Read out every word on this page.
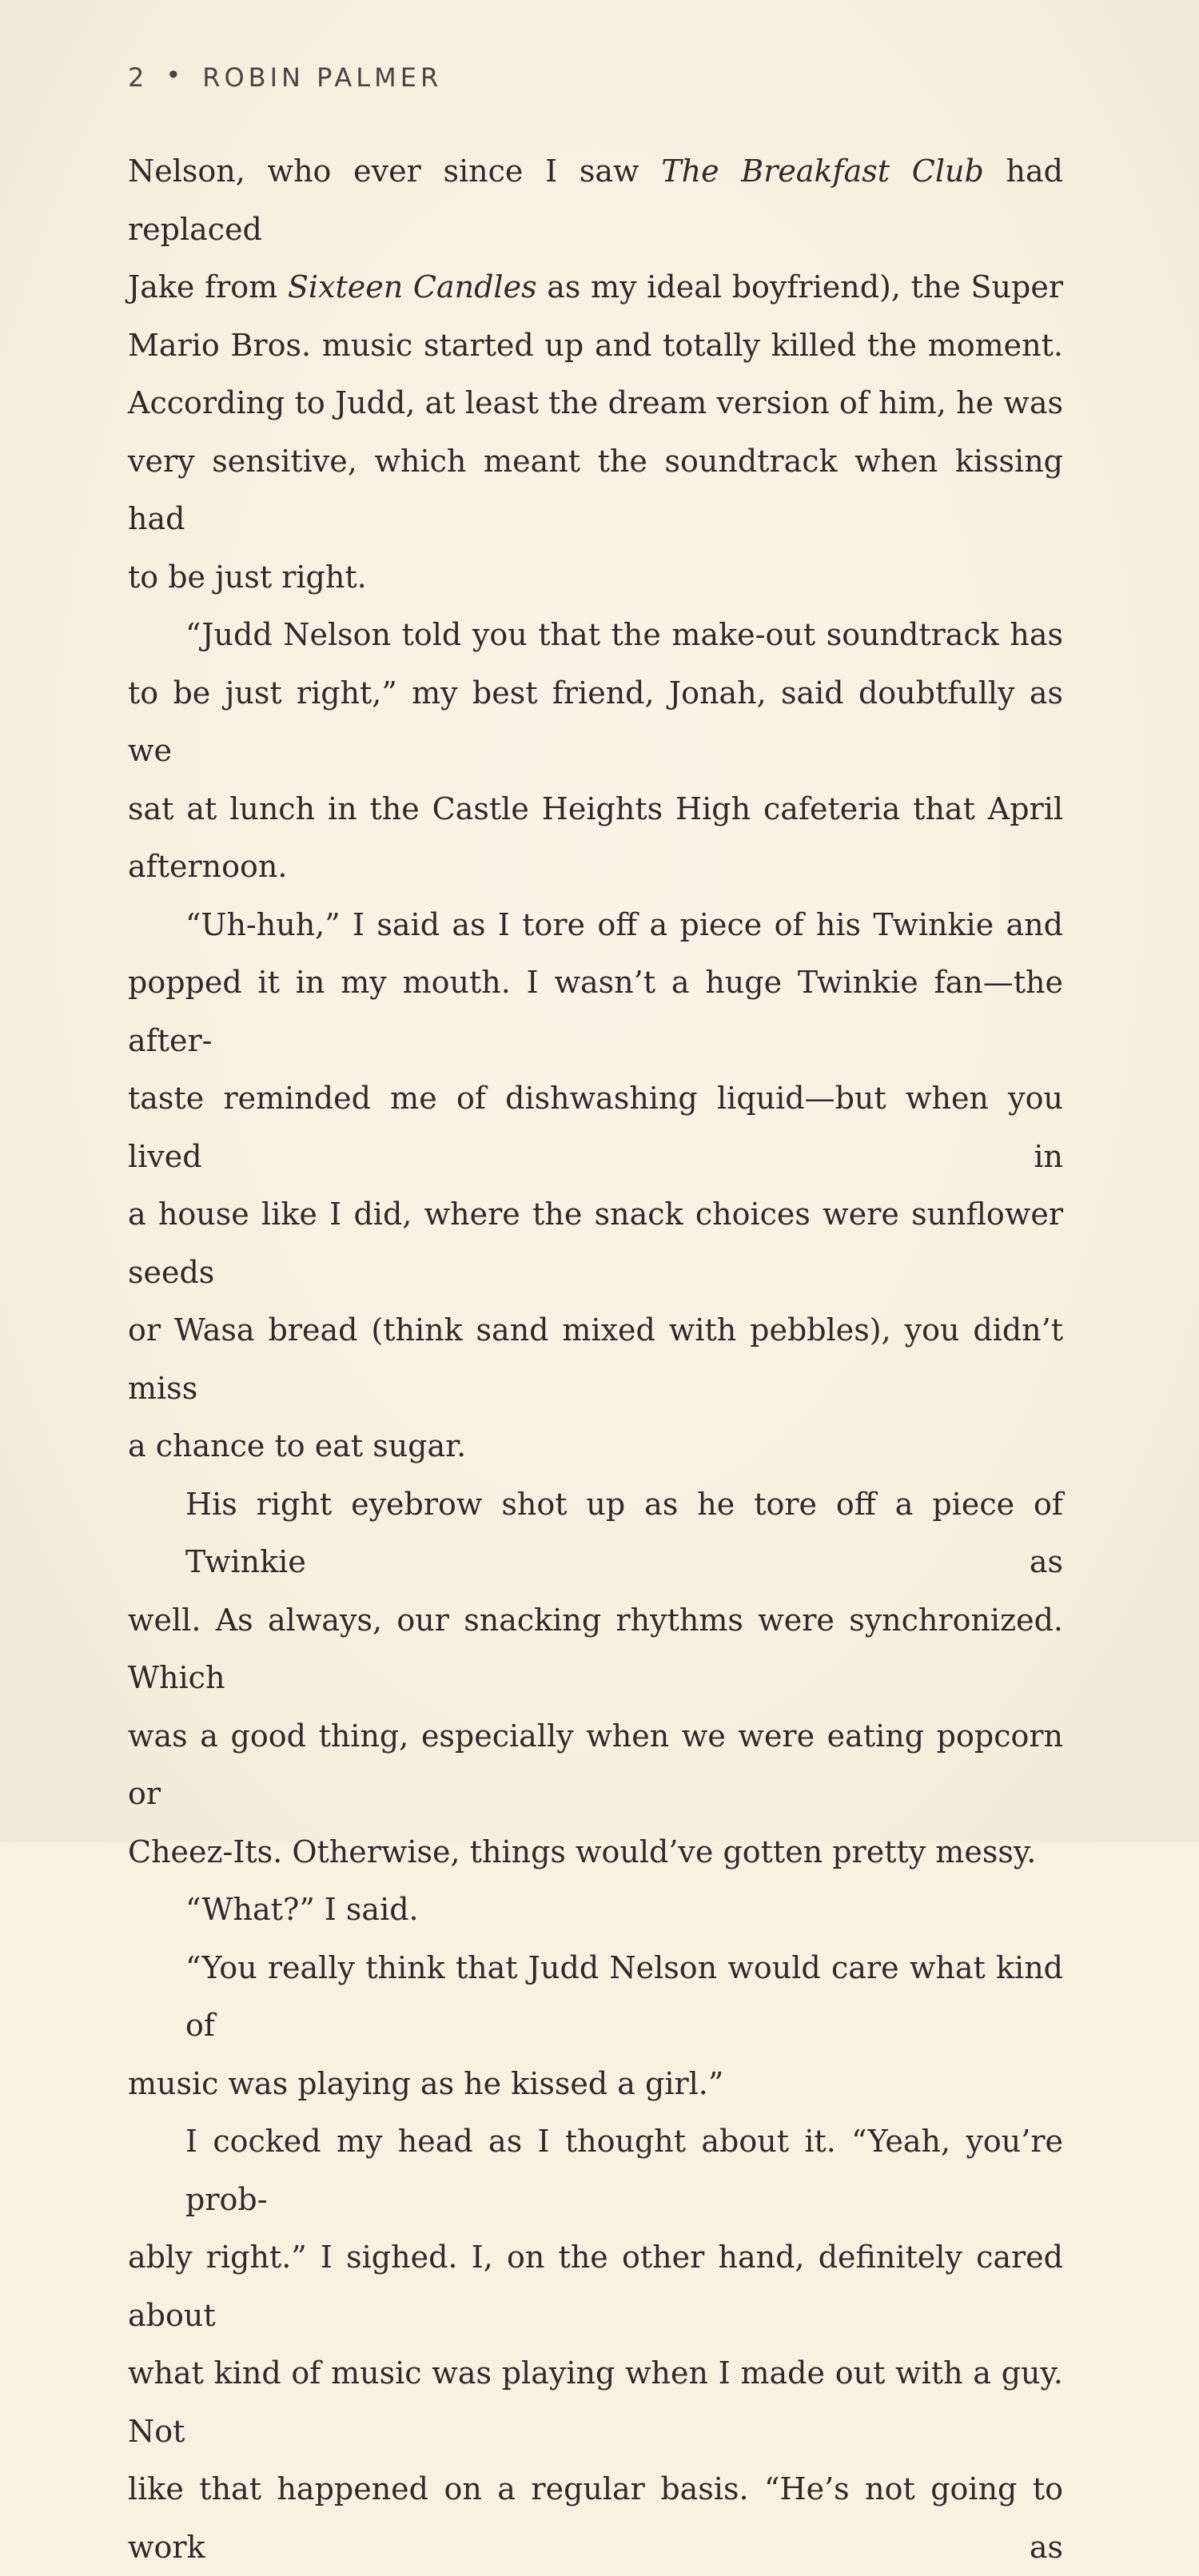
2 • ROBIN PALMER
Nelson, who ever since I saw The Breakfast Club had replaced
Jake from Sixteen Candles as my ideal boyfriend), the Super
Mario Bros. music started up and totally killed the moment.
According to Judd, at least the dream version of him, he was
very sensitive, which meant the soundtrack when kissing had
to be just right.
“Judd Nelson told you that the make-out soundtrack has
to be just right,” my best friend, Jonah, said doubtfully as we
sat at lunch in the Castle Heights High cafeteria that April
afternoon.
“Uh-huh,” I said as I tore off a piece of his Twinkie and
popped it in my mouth. I wasn’t a huge Twinkie fan—the after-
taste reminded me of dishwashing liquid—but when you lived in
a house like I did, where the snack choices were sunflower seeds
or Wasa bread (think sand mixed with pebbles), you didn’t miss
a chance to eat sugar.
His right eyebrow shot up as he tore off a piece of Twinkie as
well. As always, our snacking rhythms were synchronized. Which
was a good thing, especially when we were eating popcorn or
Cheez-Its. Otherwise, things would’ve gotten pretty messy.
“What?” I said.
“You really think that Judd Nelson would care what kind of
music was playing as he kissed a girl.”
I cocked my head as I thought about it. “Yeah, you’re prob-
ably right.” I sighed. I, on the other hand, definitely cared about
what kind of music was playing when I made out with a guy. Not
like that happened on a regular basis. “He’s not going to work as
